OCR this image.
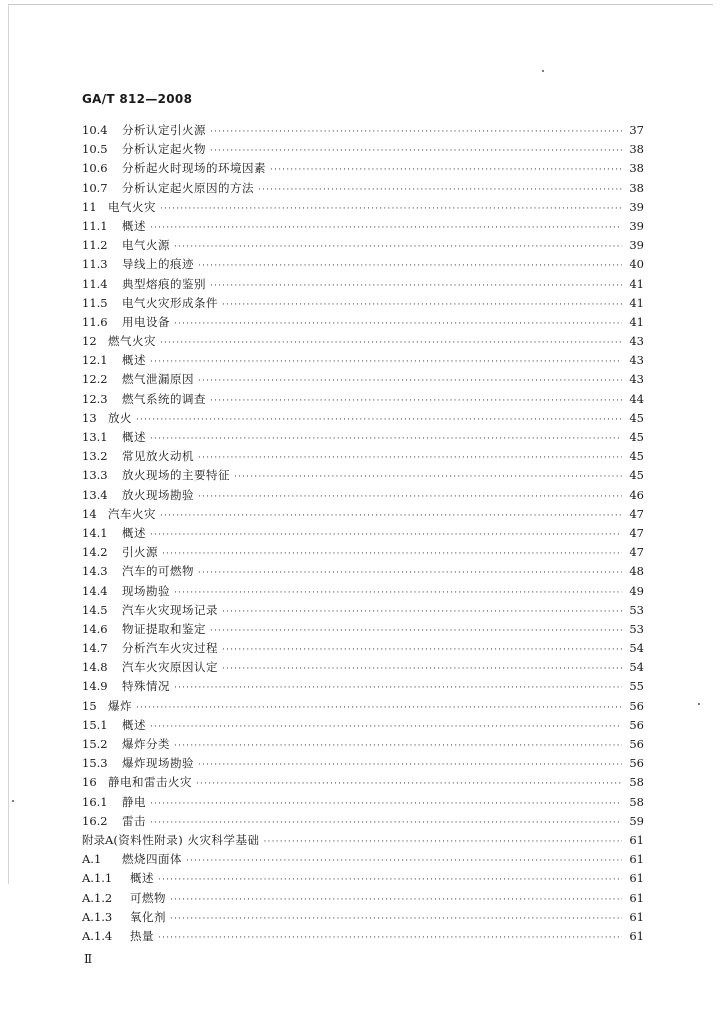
GA/T 812—2008
10.4	分析认定引火源 ·····	37
10.5	分析认定起火物 ·····	38
10.6	分析起火时现场的环境因素 ·····	38
10.7	分析认定起火原因的方法 ·····	38
11 电气火灾 ·····	39
11.1	概述 ·····	39
11.2	电气火源 ·····	39
11.3	导线上的痕迹 ·····	40
11.4	典型熔痕的鉴别 ·····	41
11.5	电气火灾形成条件 ·····	41
11.6	用电设备 ·····	41
12 燃气火灾 ·····	43
12.1	概述 ·····	43
12.2	燃气泄漏原因 ·····	43
12.3	燃气系统的调查 ·····	44
13 放火 ·····	45
13.1	概述 ·····	45
13.2	常见放火动机 ·····	45
13.3	放火现场的主要特征 ·····	45
13.4	放火现场勘验 ·····	46
14 汽车火灾 ·····	47
14.1	概述 ·····	47
14.2	引火源 ·····	47
14.3	汽车的可燃物 ·····	48
14.4	现场勘验 ·····	49
14.5	汽车火灾现场记录 ·····	53
14.6	物证提取和鉴定 ·····	53
14.7	分析汽车火灾过程 ·····	54
14.8	汽车火灾原因认定 ·····	54
14.9	特殊情况 ·····	55
15 爆炸 ·····	56
15.1	概述 ·····	56
15.2	爆炸分类 ·····	56
15.3	爆炸现场勘验 ·····	56
16 静电和雷击火灾 ·····	58
16.1	静电 ·····	58
16.2	雷击 ·····	59
附录A (资料性附录) 火灾科学基础 ·····	61
A.1	燃烧四面体 ·····	61
A.1.1	概述 ·····	61
A.1.2	可燃物 ·····	61
A.1.3	氧化剂 ·····	61
A.1.4	热量 ·····	61
Ⅱ
